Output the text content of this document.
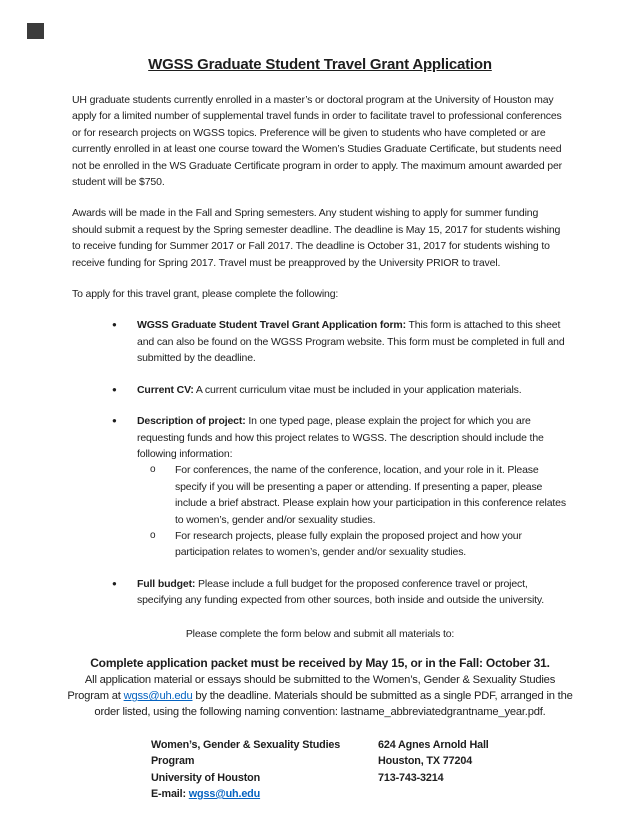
WGSS Graduate Student Travel Grant Application

UH graduate students currently enrolled in a master’s or doctoral program at the University of Houston may apply for a limited number of supplemental travel funds in order to facilitate travel to professional conferences or for research projects on WGSS topics. Preference will be given to students who have completed or are currently enrolled in at least one course toward the Women’s Studies Graduate Certificate, but students need not be enrolled in the WS Graduate Certificate program in order to apply. The maximum amount awarded per student will be $750.

Awards will be made in the Fall and Spring semesters. Any student wishing to apply for summer funding should submit a request by the Spring semester deadline. The deadline is May 15, 2017 for students wishing to receive funding for Summer 2017 or Fall 2017. The deadline is October 31, 2017 for students wishing to receive funding for Spring 2017. Travel must be preapproved by the University PRIOR to travel.

To apply for this travel grant, please complete the following:

● WGSS Graduate Student Travel Grant Application form: This form is attached to this sheet and can also be found on the WGSS Program website. This form must be completed in full and submitted by the deadline.
● Current CV: A current curriculum vitae must be included in your application materials.
● Description of project: In one typed page, please explain the project for which you are requesting funds and how this project relates to WGSS. The description should include the following information:
o For conferences, the name of the conference, location, and your role in it. Please specify if you will be presenting a paper or attending. If presenting a paper, please include a brief abstract. Please explain how your participation in this conference relates to women’s, gender and/or sexuality studies.
o For research projects, please fully explain the proposed project and how your participation relates to women’s, gender and/or sexuality studies.
● Full budget: Please include a full budget for the proposed conference travel or project, specifying any funding expected from other sources, both inside and outside the university.

Please complete the form below and submit all materials to:

Complete application packet must be received by May 15, or in the Fall: October 31.

All application material or essays should be submitted to the Women’s, Gender & Sexuality Studies Program at wgss@uh.edu by the deadline. Materials should be submitted as a single PDF, arranged in the order listed, using the following naming convention: lastname_abbreviatedgrantname_year.pdf.

Women’s, Gender & Sexuality Studies Program
University of Houston
E-mail: wgss@uh.edu
624 Agnes Arnold Hall
Houston, TX 77204
713-743-3214
